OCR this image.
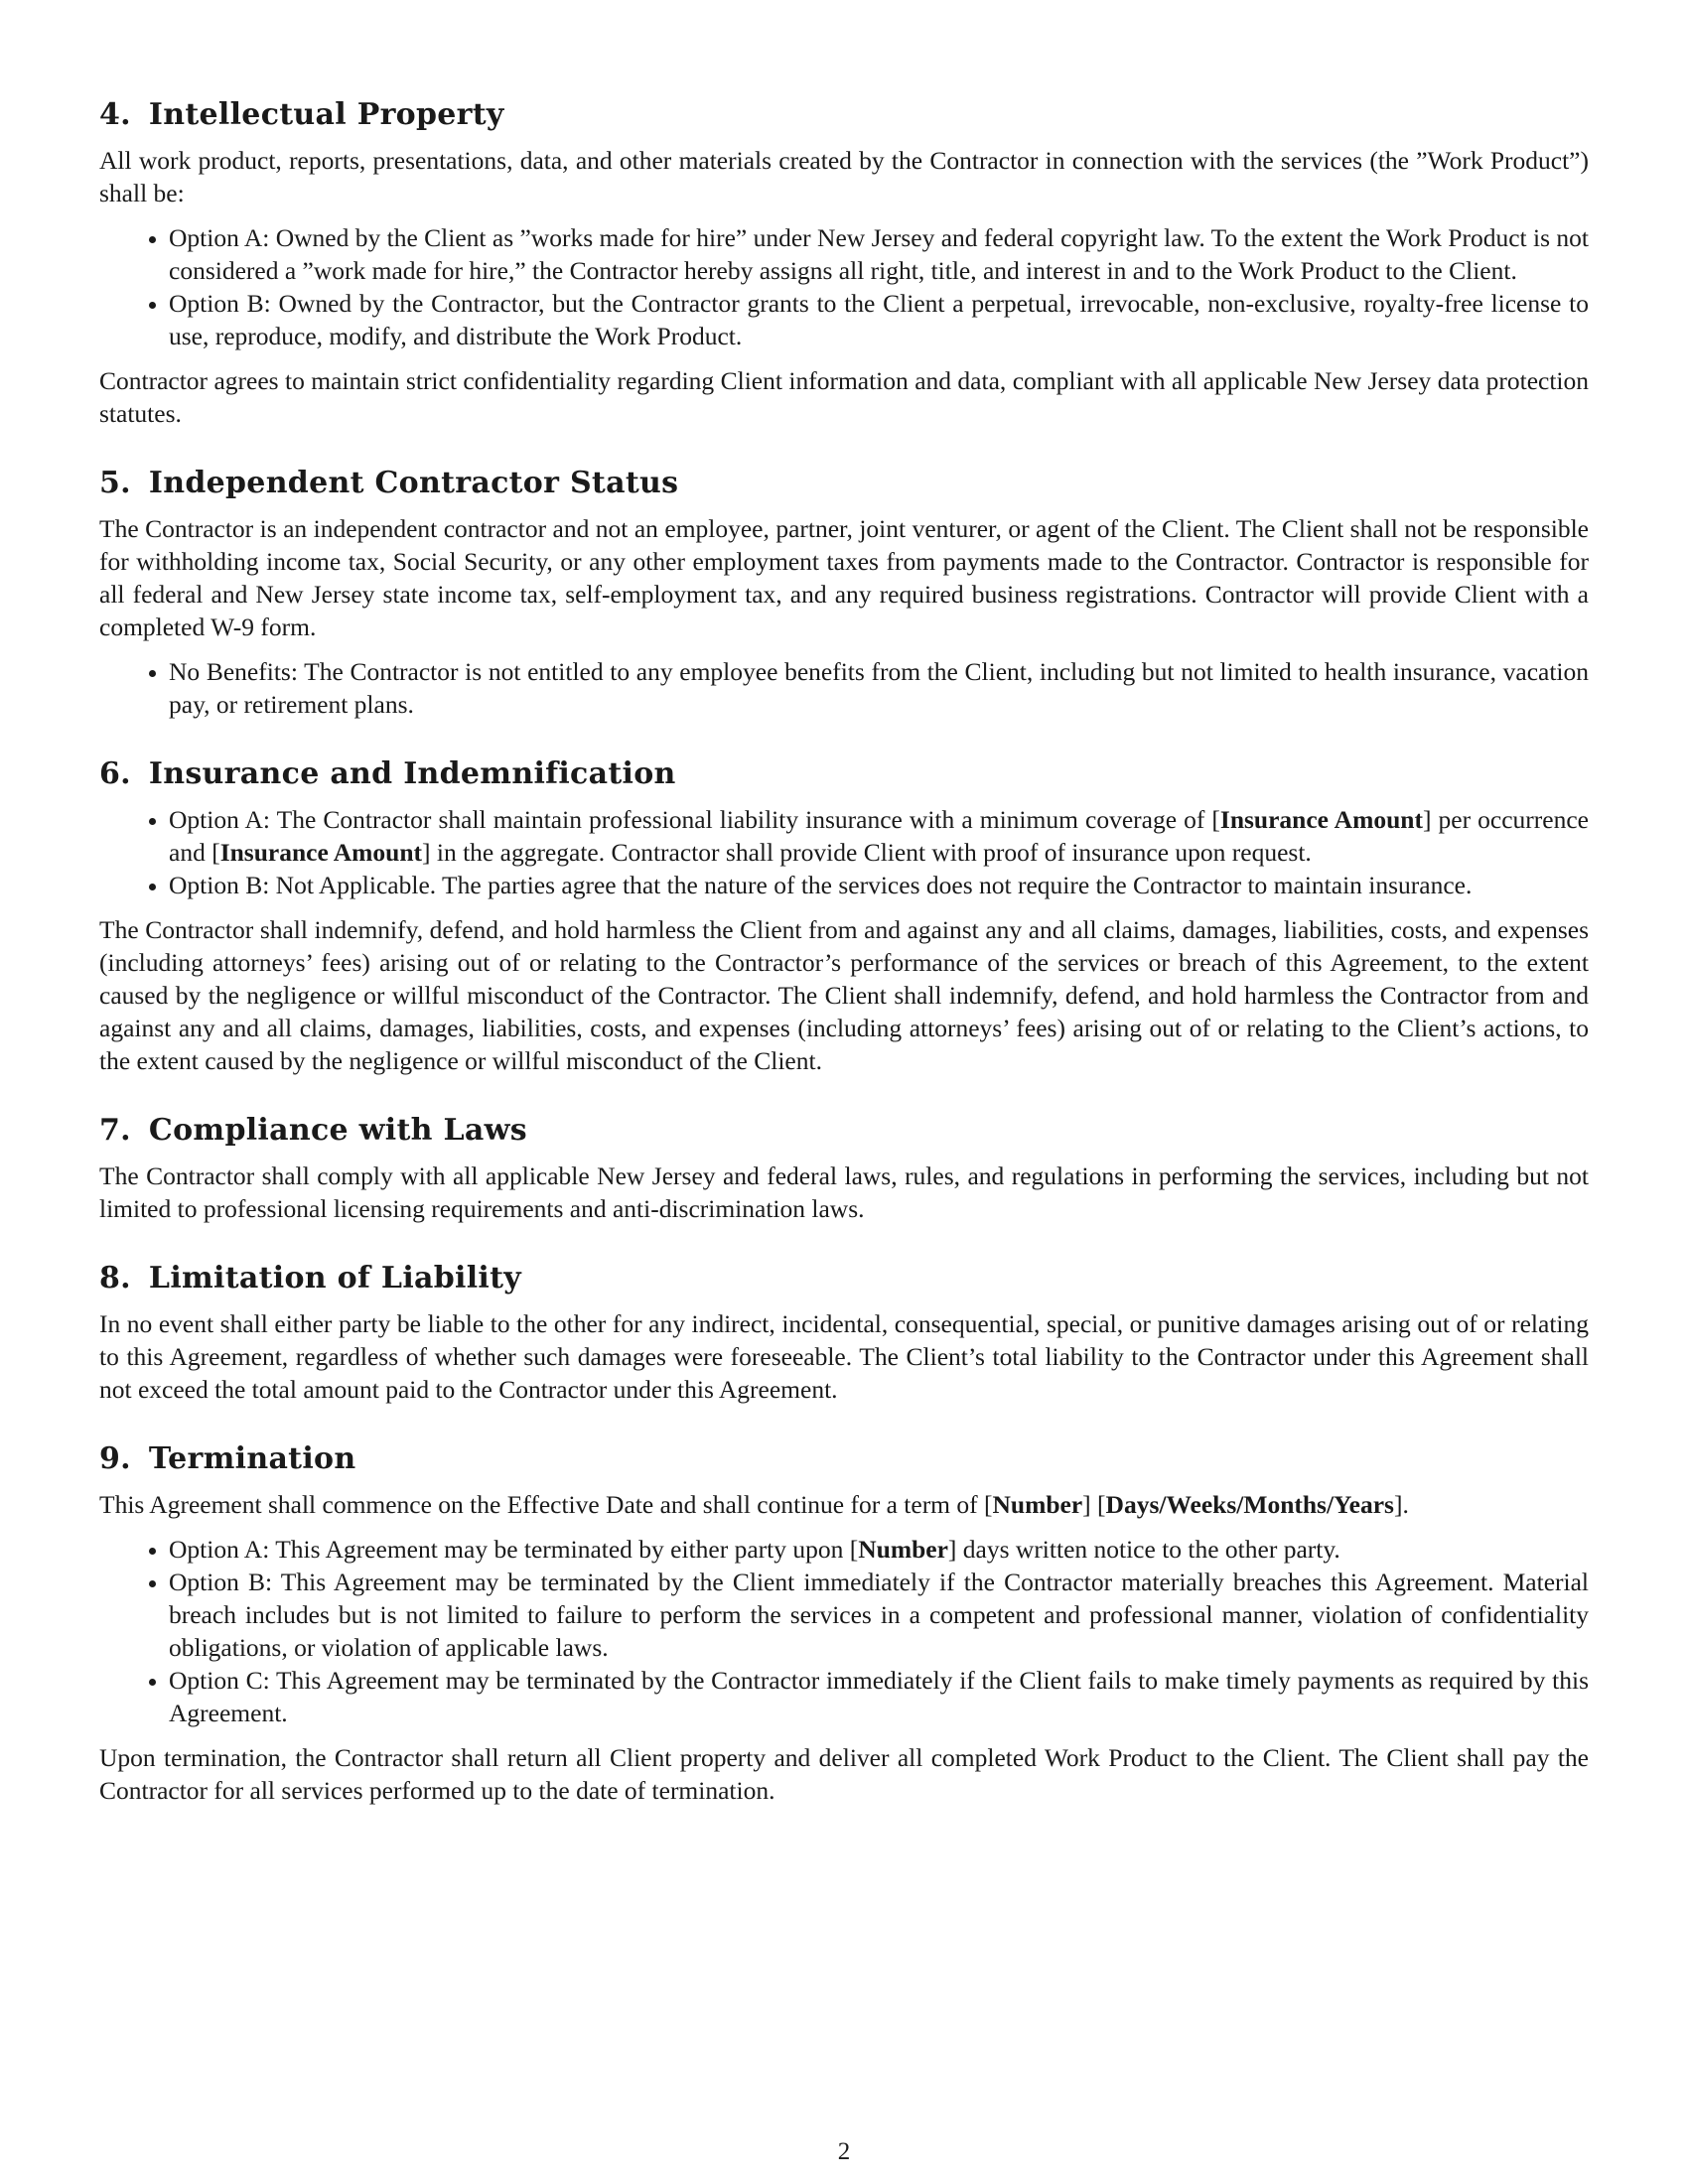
4. Intellectual Property

All work product, reports, presentations, data, and other materials created by the Contractor in connection with the services (the ”Work Product”) shall be:

• Option A: Owned by the Client as ”works made for hire” under New Jersey and federal copyright law. To the extent the Work Product is not considered a ”work made for hire,” the Contractor hereby assigns all right, title, and interest in and to the Work Product to the Client.
• Option B: Owned by the Contractor, but the Contractor grants to the Client a perpetual, irrevocable, non-exclusive, royalty-free license to use, reproduce, modify, and distribute the Work Product.

Contractor agrees to maintain strict confidentiality regarding Client information and data, compliant with all applicable New Jersey data protection statutes.

5. Independent Contractor Status

The Contractor is an independent contractor and not an employee, partner, joint venturer, or agent of the Client. The Client shall not be responsible for withholding income tax, Social Security, or any other employment taxes from payments made to the Contractor. Contractor is responsible for all federal and New Jersey state income tax, self-employment tax, and any required business registrations. Contractor will provide Client with a completed W-9 form.

• No Benefits: The Contractor is not entitled to any employee benefits from the Client, including but not limited to health insurance, vacation pay, or retirement plans.
6. Insurance and Indemnification
• Option A: The Contractor shall maintain professional liability insurance with a minimum coverage of [Insurance Amount] per occurrence and [Insurance Amount] in the aggregate. Contractor shall provide Client with proof of insurance upon request.
• Option B: Not Applicable. The parties agree that the nature of the services does not require the Contractor to maintain insurance.

The Contractor shall indemnify, defend, and hold harmless the Client from and against any and all claims, damages, liabilities, costs, and expenses (including attorneys’ fees) arising out of or relating to the Contractor’s performance of the services or breach of this Agreement, to the extent caused by the negligence or willful misconduct of the Contractor. The Client shall indemnify, defend, and hold harmless the Contractor from and against any and all claims, damages, liabilities, costs, and expenses (including attorneys’ fees) arising out of or relating to the Client’s actions, to the extent caused by the negligence or willful misconduct of the Client.

7. Compliance with Laws

The Contractor shall comply with all applicable New Jersey and federal laws, rules, and regulations in performing the services, including but not limited to professional licensing requirements and anti-discrimination laws.

8. Limitation of Liability

In no event shall either party be liable to the other for any indirect, incidental, consequential, special, or punitive damages arising out of or relating to this Agreement, regardless of whether such damages were foreseeable. The Client’s total liability to the Contractor under this Agreement shall not exceed the total amount paid to the Contractor under this Agreement.

9. Termination

This Agreement shall commence on the Effective Date and shall continue for a term of [Number] [Days/Weeks/Months/Years].

• Option A: This Agreement may be terminated by either party upon [Number] days written notice to the other party.
• Option B: This Agreement may be terminated by the Client immediately if the Contractor materially breaches this Agreement. Material breach includes but is not limited to failure to perform the services in a competent and professional manner, violation of confidentiality obligations, or violation of applicable laws.
• Option C: This Agreement may be terminated by the Contractor immediately if the Client fails to make timely payments as required by this Agreement.

Upon termination, the Contractor shall return all Client property and deliver all completed Work Product to the Client. The Client shall pay the Contractor for all services performed up to the date of termination.

2
